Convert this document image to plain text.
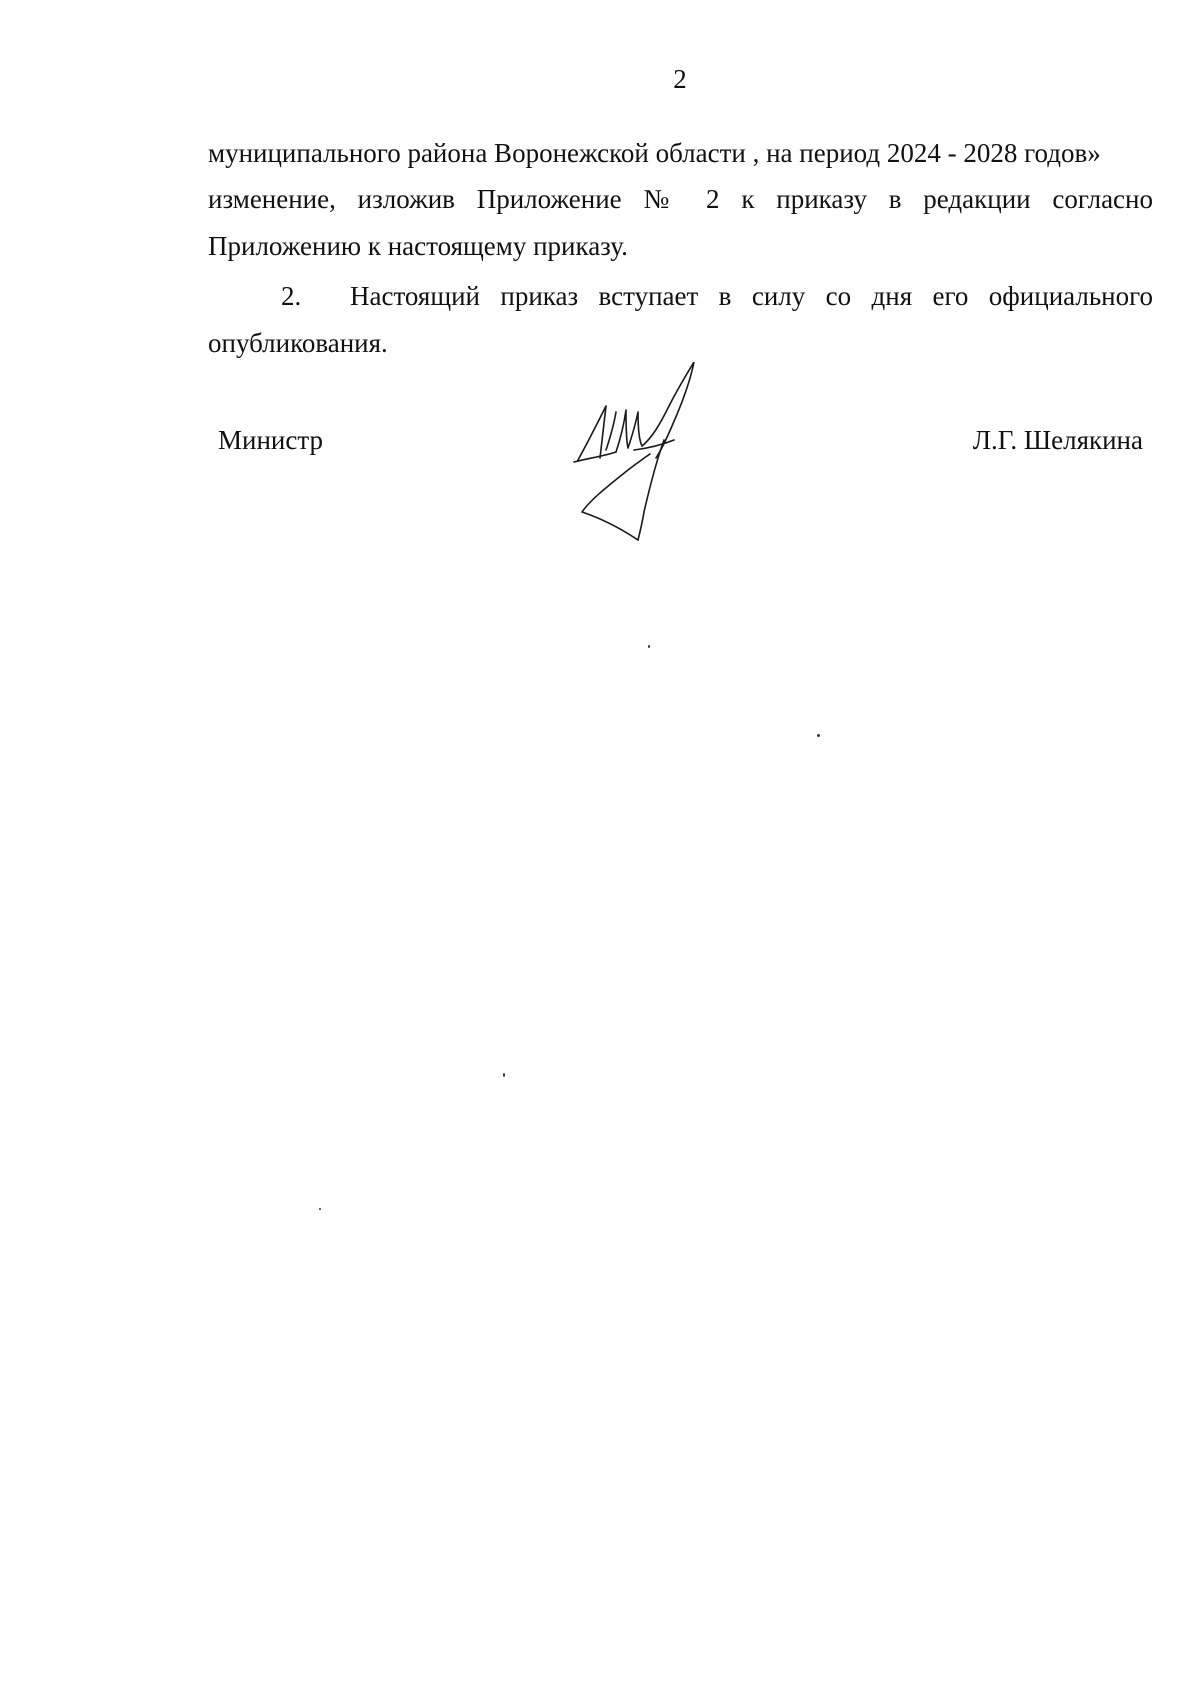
2
муниципального района Воронежской области , на период 2024 - 2028 годов»
изменение, изложив Приложение № 2 к приказу в редакции согласно
Приложению к настоящему приказу.
2. Настоящий приказ вступает в силу со дня его официального
опубликования.
Министр	Л.Г. Шелякина
